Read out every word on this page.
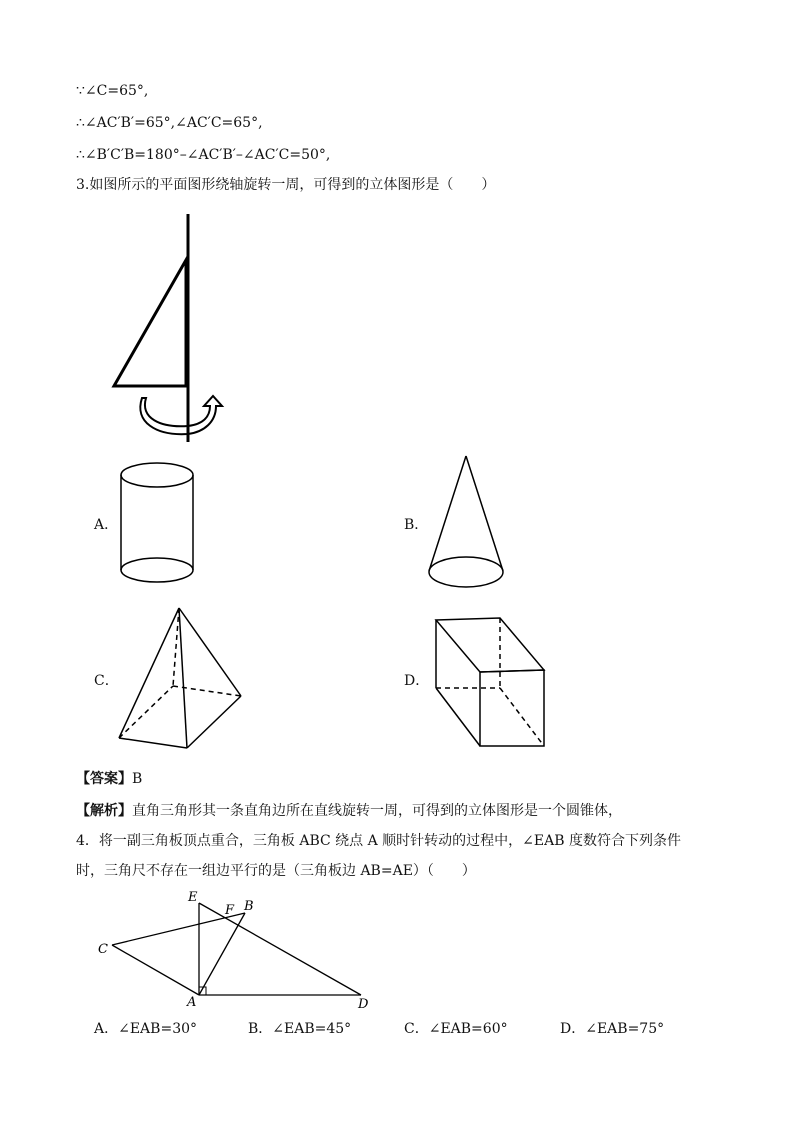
∵∠C=65°,
∴∠AC′B′=65°,∠AC′C=65°,
∴∠B′C′B=180°–∠AC′B′–∠AC′C=50°,
3.如图所示的平面图形绕轴旋转一周，可得到的立体图形是（　　）
A．	B．
C．	D．
【答案】B
【解析】直角三角形其一条直角边所在直线旋转一周，可得到的立体图形是一个圆锥体，
4．将一副三角板顶点重合，三角板 ABC 绕点 A 顺时针转动的过程中，∠EAB 度数符合下列条件
时，三角尺不存在一组边平行的是（三角板边 AB=AE）（　　）
E
F B
C
A	D
A．∠EAB=30°	B．∠EAB=45°	C．∠EAB=60°	D．∠EAB=75°
